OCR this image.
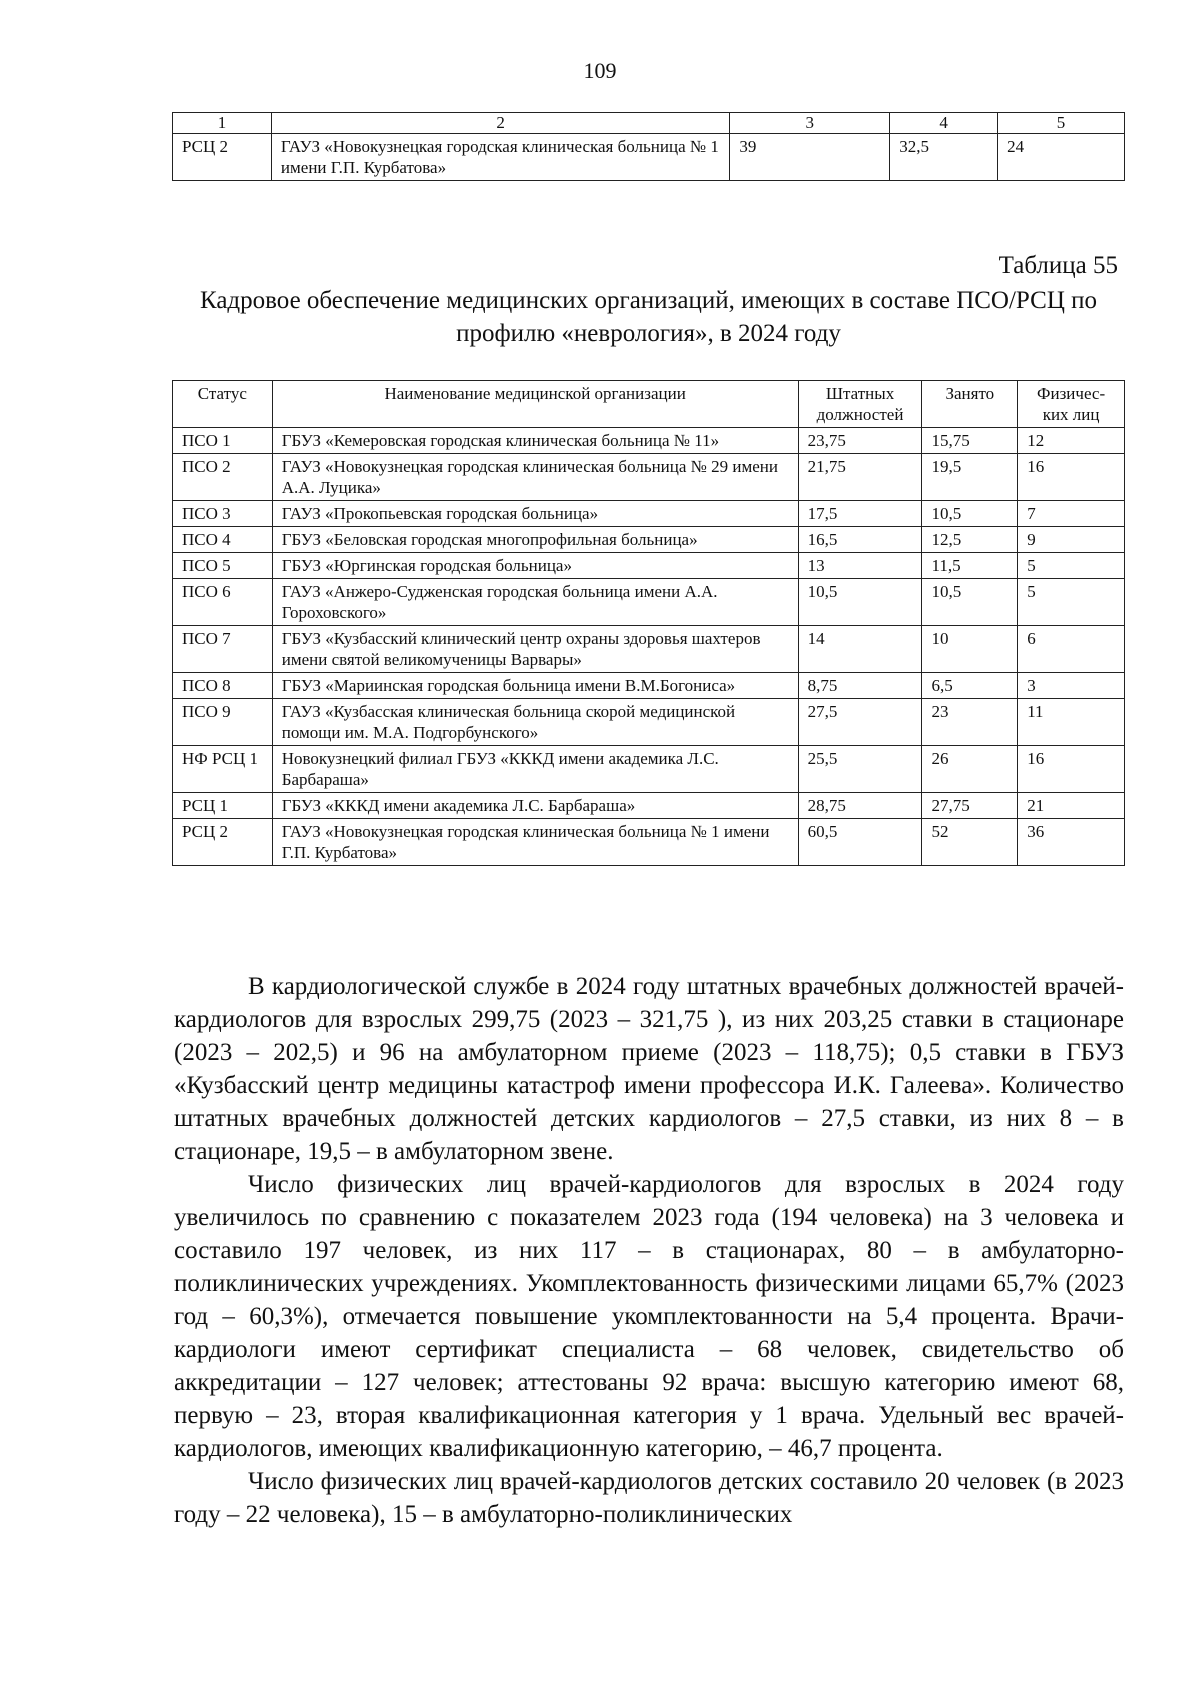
109
1	2	3	4	5
РСЦ 2	ГАУЗ «Новокузнецкая городская клиническая больница № 1 имени Г.П. Курбатова»	39	32,5	24
Таблица 55
Кадровое обеспечение медицинских организаций, имеющих в составе ПСО/РСЦ по профилю «неврология», в 2024 году
Статус	Наименование медицинской организации	Штатных должностей	Занято	Физичес-ких лиц
ПСО 1	ГБУЗ «Кемеровская городская клиническая больница № 11»	23,75	15,75	12
ПСО 2	ГАУЗ «Новокузнецкая городская клиническая больница № 29 имени А.А. Луцика»	21,75	19,5	16
ПСО 3	ГАУЗ «Прокопьевская городская больница»	17,5	10,5	7
ПСО 4	ГБУЗ «Беловская городская многопрофильная больница»	16,5	12,5	9
ПСО 5	ГБУЗ «Юргинская городская больница»	13	11,5	5
ПСО 6	ГАУЗ «Анжеро-Судженская городская больница имени А.А. Гороховского»	10,5	10,5	5
ПСО 7	ГБУЗ «Кузбасский клинический центр охраны здоровья шахтеров имени святой великомученицы Варвары»	14	10	6
ПСО 8	ГБУЗ «Мариинская городская больница имени В.М.Богониса»	8,75	6,5	3
ПСО 9	ГАУЗ «Кузбасская клиническая больница скорой медицинской помощи им. М.А. Подгорбунского»	27,5	23	11
НФ РСЦ 1	Новокузнецкий филиал ГБУЗ «КККД имени академика Л.С. Барбараша»	25,5	26	16
РСЦ 1	ГБУЗ «КККД имени академика Л.С. Барбараша»	28,75	27,75	21
РСЦ 2	ГАУЗ «Новокузнецкая городская клиническая больница № 1 имени Г.П. Курбатова»	60,5	52	36

В кардиологической службе в 2024 году штатных врачебных должностей врачей-кардиологов для взрослых 299,75 (2023 – 321,75 ), из них 203,25 ставки в стационаре (2023 – 202,5) и 96 на амбулаторном приеме (2023 – 118,75); 0,5 ставки в ГБУЗ «Кузбасский центр медицины катастроф имени профессора И.К. Галеева». Количество штатных врачебных должностей детских кардиологов – 27,5 ставки, из них 8 – в стационаре, 19,5 – в амбулаторном звене.

Число физических лиц врачей-кардиологов для взрослых в 2024 году увеличилось по сравнению с показателем 2023 года (194 человека) на 3 человека и составило 197 человек, из них 117 – в стационарах, 80 – в амбулаторно-поликлинических учреждениях. Укомплектованность физическими лицами 65,7% (2023 год – 60,3%), отмечается повышение укомплектованности на 5,4 процента. Врачи-кардиологи имеют сертификат специалиста – 68 человек, свидетельство об аккредитации – 127 человек; аттестованы 92 врача: высшую категорию имеют 68, первую – 23, вторая квалификационная категория у 1 врача. Удельный вес врачей-кардиологов, имеющих квалификационную категорию, – 46,7 процента.

Число физических лиц врачей-кардиологов детских составило 20 человек (в 2023 году – 22 человека), 15 – в амбулаторно-поликлинических
